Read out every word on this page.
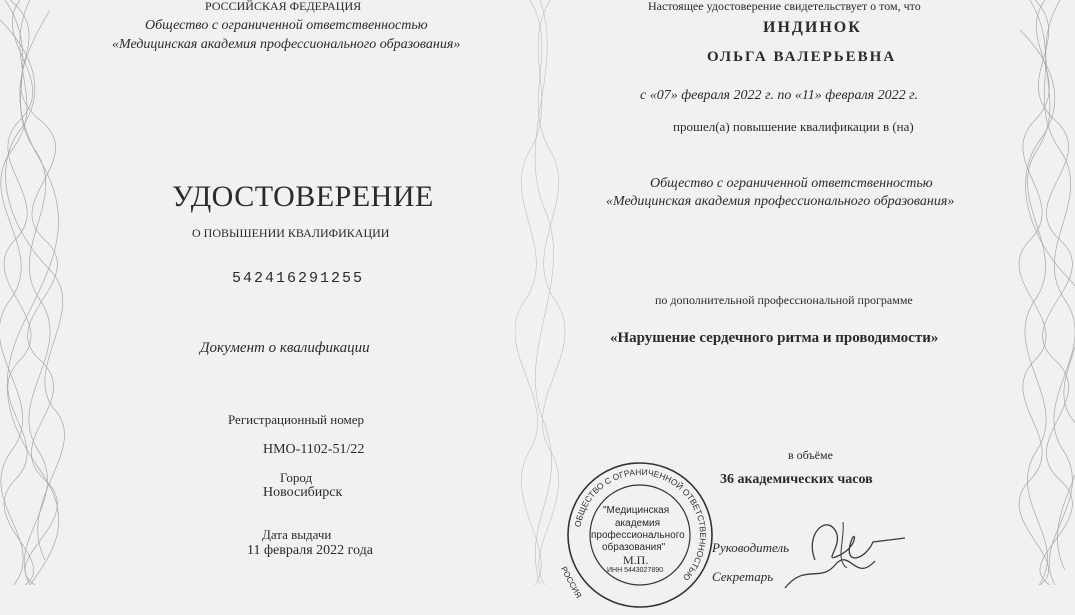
РОССИЙСКАЯ ФЕДЕРАЦИЯ
Общество с ограниченной ответственностью
«Медицинская академия профессионального образования»
УДОСТОВЕРЕНИЕ
О ПОВЫШЕНИИ КВАЛИФИКАЦИИ
542416291255
Документ о квалификации
Регистрационный номер
НМО-1102-51/22
Город
Новосибирск
Дата выдачи
11 февраля 2022 года
Настоящее удостоверение свидетельствует о том, что
ИНДИНОК
ОЛЬГА ВАЛЕРЬЕВНА
с «07» февраля 2022 г. по «11» февраля 2022 г.
прошел(а) повышение квалификации в (на)
Общество с ограниченной ответственностью
«Медицинская академия профессионального образования»
по дополнительной профессиональной программе
«Нарушение сердечного ритма и проводимости»
в объёме
36 академических часов
Руководитель
Секретарь
ОБЩЕСТВО С ОГРАНИЧЕННОЙ ОТВЕТСТВЕННОСТЬЮ
"Медицинская
академия
профессионального
образования"
М.П.
ИНН 5443027890
РОССИЯ
